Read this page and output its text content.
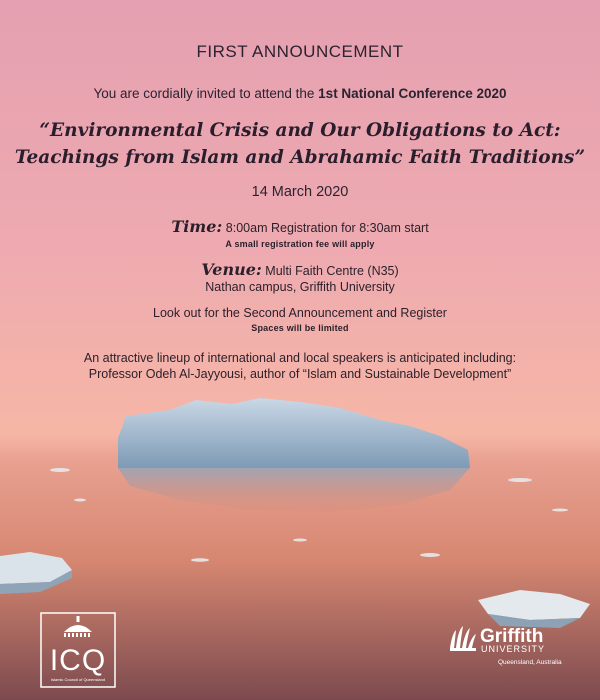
FIRST ANNOUNCEMENT
You are cordially invited to attend the 1st National Conference 2020
“Environmental Crisis and Our Obligations to Act:
Teachings from Islam and Abrahamic Faith Traditions”
14 March 2020
Time: 8:00am Registration for 8:30am start
A small registration fee will apply
Venue: Multi Faith Centre (N35)
Nathan campus, Griffith University
Look out for the Second Announcement and Register
Spaces will be limited
An attractive lineup of international and local speakers is anticipated including:
Professor Odeh Al-Jayyousi, author of “Islam and Sustainable Development”
ICQ
Islamic Council of Queensland
Griffith
UNIVERSITY
Queensland, Australia
